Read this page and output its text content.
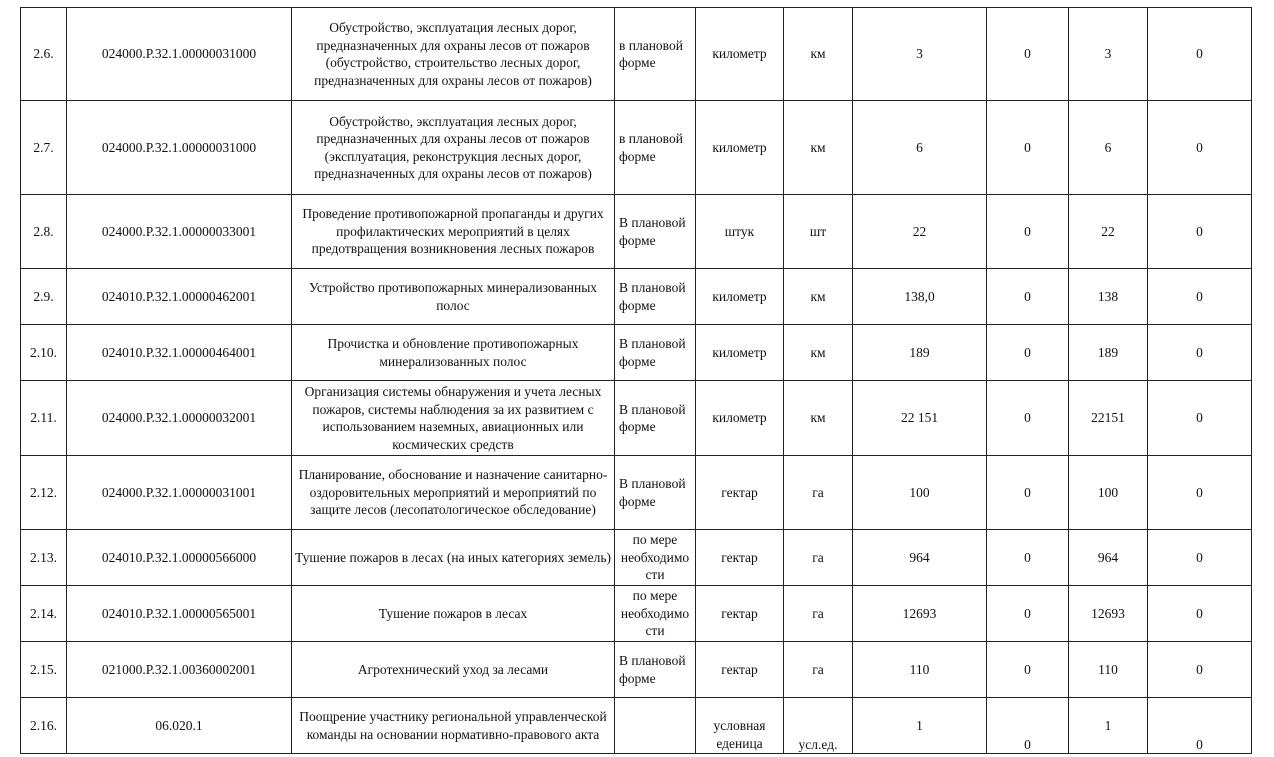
2.6.	024000.Р.32.1.00000031000	Обустройство, эксплуатация лесных дорог, предназначенных для охраны лесов от пожаров (обустройство, строительство лесных дорог, предназначенных для охраны лесов от пожаров)	в плановой форме	километр	км	3	0	3	0
2.7.	024000.Р.32.1.00000031000	Обустройство, эксплуатация лесных дорог, предназначенных для охраны лесов от пожаров (эксплуатация, реконструкция лесных дорог, предназначенных для охраны лесов от пожаров)	в плановой форме	километр	км	6	0	6	0
2.8.	024000.Р.32.1.00000033001	Проведение противопожарной пропаганды и других профилактических мероприятий в целях предотвращения возникновения лесных пожаров	В плановой форме	штук	шт	22	0	22	0
2.9.	024010.Р.32.1.00000462001	Устройство противопожарных минерализованных полос	В плановой форме	километр	км	138,0	0	138	0
2.10.	024010.Р.32.1.00000464001	Прочистка и обновление противопожарных минерализованных полос	В плановой форме	километр	км	189	0	189	0
2.11.	024000.Р.32.1.00000032001	Организация системы обнаружения и учета лесных пожаров, системы наблюдения за их развитием с использованием наземных, авиационных или космических средств	В плановой форме	километр	км	22 151	0	22151	0
2.12.	024000.Р.32.1.00000031001	Планирование, обоснование и назначение санитарно-оздоровительных мероприятий и мероприятий по защите лесов (лесопатологическое обследование)	В плановой форме	гектар	га	100	0	100	0
2.13.	024010.Р.32.1.00000566000	Тушение пожаров в лесах (на иных категориях земель)	по мере необходимо сти	гектар	га	964	0	964	0
2.14.	024010.Р.32.1.00000565001	Тушение пожаров в лесах	по мере необходимо сти	гектар	га	12693	0	12693	0
2.15.	021000.Р.32.1.00360002001	Агротехнический уход за лесами	В плановой форме	гектар	га	110	0	110	0
2.16.	06.020.1	Поощрение участнику региональной управленческой команды на основании нормативно-правового акта		условная еденица	усл.ед.	1	0	1	0
